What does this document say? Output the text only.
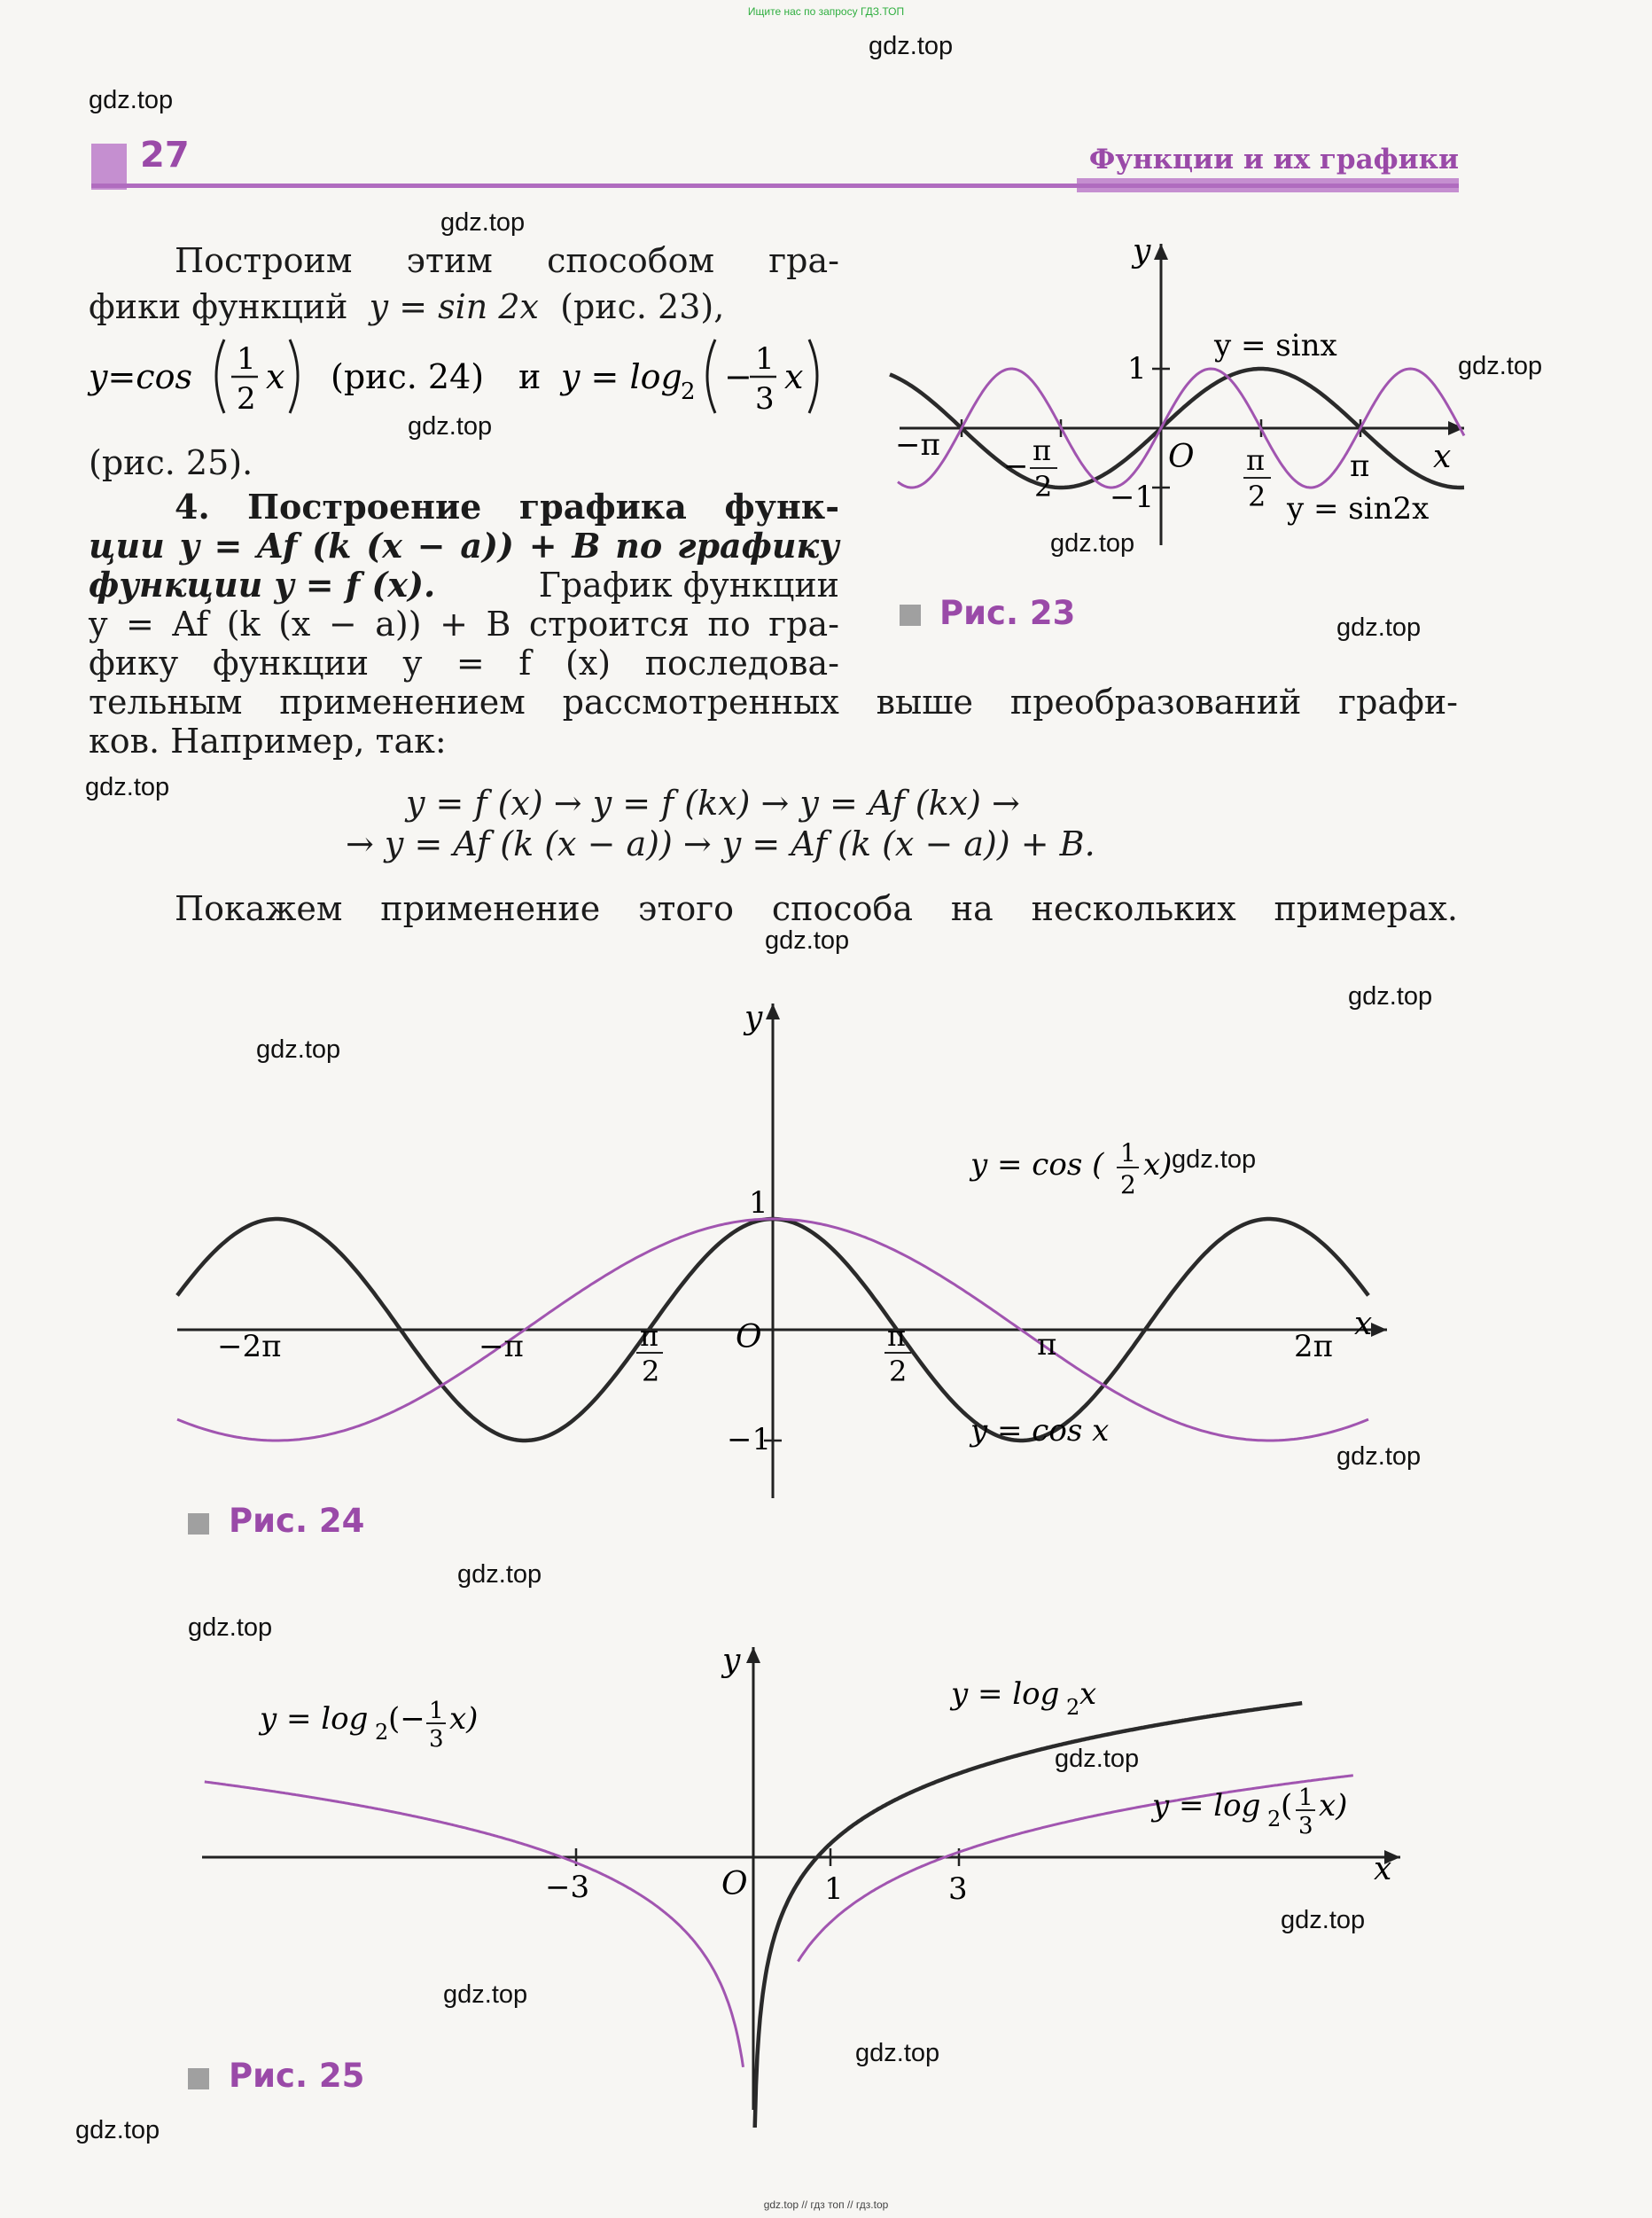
Ищите нас по запросу ГДЗ.ТОП
gdz.top
gdz.top
gdz.top
gdz.top
gdz.top
gdz.top
gdz.top
gdz.top
gdz.top
gdz.top
gdz.top
gdz.top
gdz.top
gdz.top
gdz.top
gdz.top
gdz.top
gdz.top
gdz.top
gdz.top
27	Функции и их графики
Построим этим способом гра-
фики функций y = sin 2x (рис. 23),
y=cos 1
2
x (рис. 24) и y = log
2 − 1
3
x
(рис. 25).
4. Построение графика функ-
ции y = Af (k (x − a)) + B по графику
функции y = f (x).	График функции
y = Af (k (x − a)) + B строится по гра-
фику функции y = f (x) последова-
тельным применением рассмотренных выше преобразований графи-
ков. Например, так:
y = f (x) → y = f (kx) → y = Af (kx) →
→ y = Af (k (x − a)) → y = Af (k (x − a)) + B.
Покажем применение этого способа на нескольких примерах.
y
x
O
1
−1
−π
π
− π
2
π
2
y = sinx
y = sin2x
Рис. 23
y
x
O
1
−1
−2π	−π	π	2π
π
2
π
2
y = cos ( 1
2
x)
y = cos x
Рис. 24
y
x
O
−3	1	3
y = log 2 x
y = log 2 ( 1
3
x)
y = log 2 (− 1
3
x)
Рис. 25
gdz.top // гдз топ // гдз.top
